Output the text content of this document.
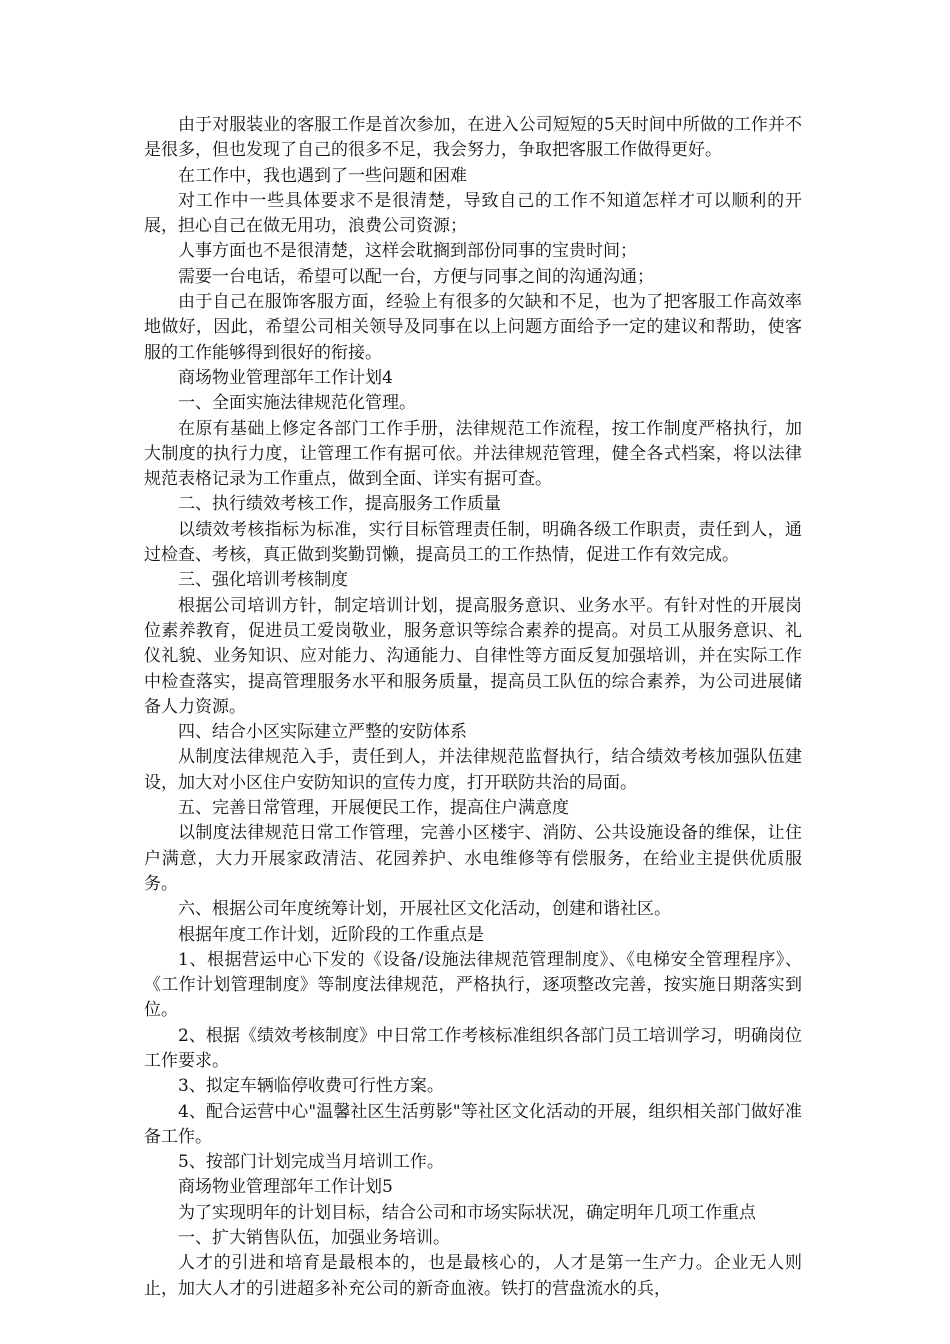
由于对服装业的客服工作是首次参加，在进入公司短短的5天时间中所做的工作并不是很多，但也发现了自己的很多不足，我会努力，争取把客服工作做得更好。

在工作中，我也遇到了一些问题和困难

对工作中一些具体要求不是很清楚，导致自己的工作不知道怎样才可以顺利的开展，担心自己在做无用功，浪费公司资源；

人事方面也不是很清楚，这样会耽搁到部份同事的宝贵时间；

需要一台电话，希望可以配一台，方便与同事之间的沟通沟通；

由于自己在服饰客服方面，经验上有很多的欠缺和不足，也为了把客服工作高效率地做好，因此，希望公司相关领导及同事在以上问题方面给予一定的建议和帮助，使客服的工作能够得到很好的衔接。

商场物业管理部年工作计划4

一、全面实施法律规范化管理。

在原有基础上修定各部门工作手册，法律规范工作流程，按工作制度严格执行，加大制度的执行力度，让管理工作有据可依。并法律规范管理，健全各式档案，将以法律规范表格记录为工作重点，做到全面、详实有据可查。

二、执行绩效考核工作，提高服务工作质量

以绩效考核指标为标准，实行目标管理责任制，明确各级工作职责，责任到人，通过检查、考核，真正做到奖勤罚懒，提高员工的工作热情，促进工作有效完成。

三、强化培训考核制度

根据公司培训方针，制定培训计划，提高服务意识、业务水平。有针对性的开展岗位素养教育，促进员工爱岗敬业，服务意识等综合素养的提高。对员工从服务意识、礼仪礼貌、业务知识、应对能力、沟通能力、自律性等方面反复加强培训，并在实际工作中检查落实，提高管理服务水平和服务质量，提高员工队伍的综合素养，为公司进展储备人力资源。

四、结合小区实际建立严整的安防体系

从制度法律规范入手，责任到人，并法律规范监督执行，结合绩效考核加强队伍建设，加大对小区住户安防知识的宣传力度，打开联防共治的局面。

五、完善日常管理，开展便民工作，提高住户满意度

以制度法律规范日常工作管理，完善小区楼宇、消防、公共设施设备的维保，让住户满意，大力开展家政清洁、花园养护、水电维修等有偿服务，在给业主提供优质服务。

六、根据公司年度统筹计划，开展社区文化活动，创建和谐社区。

根据年度工作计划，近阶段的工作重点是

1、根据营运中心下发的《设备/设施法律规范管理制度》、《电梯安全管理程序》、《工作计划管理制度》等制度法律规范，严格执行，逐项整改完善，按实施日期落实到位。

2、根据《绩效考核制度》中日常工作考核标准组织各部门员工培训学习，明确岗位工作要求。

3、拟定车辆临停收费可行性方案。

4、配合运营中心"温馨社区生活剪影"等社区文化活动的开展，组织相关部门做好准备工作。

5、按部门计划完成当月培训工作。

商场物业管理部年工作计划5

为了实现明年的计划目标，结合公司和市场实际状况，确定明年几项工作重点

一、扩大销售队伍，加强业务培训。

人才的引进和培育是最根本的，也是最核心的，人才是第一生产力。企业无人则止，加大人才的引进超多补充公司的新奇血液。铁打的营盘流水的兵，
